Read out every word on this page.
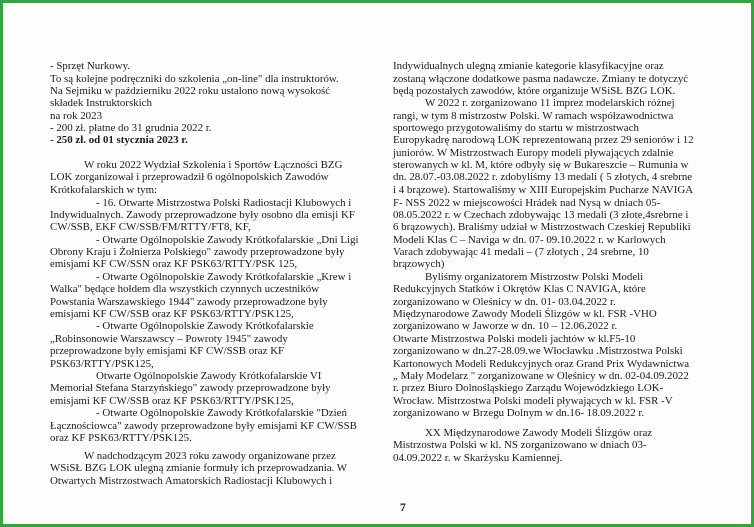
- Sprzęt Nurkowy.
To są kolejne podręczniki do szkolenia „on-line" dla instruktorów.
Na Sejmiku w październiku 2022 roku ustalono nową wysokość
składek Instruktorskich
na rok 2023
- 200 zł. płatne do 31 grudnia 2022 r.
- 250 zł. od 01 stycznia 2023 r.
W roku 2022 Wydział Szkolenia i Sportów Łączności BZG
LOK zorganizował i przeprowadził 6 ogólnopolskich Zawodów
Krótkofalarskich w tym:
- 16. Otwarte Mistrzostwa Polski Radiostacji Klubowych i
Indywidualnych. Zawody przeprowadzone były osobno dla emisji KF
CW/SSB, EKF CW/SSB/FM/RTTY/FT8, KF,
- Otwarte Ogólnopolskie Zawody Krótkofalarskie „Dni Ligi
Obrony Kraju i Żołnierza Polskiego" zawody przeprowadzone były
emisjami KF CW/SSN oraz KF PSK63/RTTY/PSK 125,
- Otwarte Ogólnopolskie Zawody Krótkofalarskie „Krew i
Walka" będące hołdem dla wszystkich czynnych uczestników
Powstania Warszawskiego 1944" zawody przeprowadzone były
emisjami KF CW/SSB oraz KF PSK63/RTTY/PSK125,
- Otwarte Ogólnopolskie Zawody Krótkofalarskie
„Robinsonowie Warszawscy – Powroty 1945" zawody
przeprowadzone były emisjami KF CW/SSB oraz KF
PSK63/RTTY/PSK125,
Otwarte Ogólnopolskie Zawody Krótkofalarskie VI
Memoriał Stefana Starzyńskiego" zawody przeprowadzone były
emisjami KF CW/SSB oraz KF PSK63/RTTY/PSK125,
- Otwarte Ogólnopolskie Zawody Krótkofalarskie "Dzień
Łącznościowca" zawody przeprowadzone były emisjami KF CW/SSB
oraz KF PSK63/RTTY/PSK125.
W nadchodzącym 2023 roku zawody organizowane przez
WSiSŁ BZG LOK ulegną zmianie formuły ich przeprowadzania. W
Otwartych Mistrzostwach Amatorskich Radiostacji Klubowych i
Indywidualnych ulegną zmianie kategorie klasyfikacyjne oraz
zostaną włączone dodatkowe pasma nadawcze. Zmiany te dotyczyć
będą pozostałych zawodów, które organizuje WSiSŁ BZG LOK.
W 2022 r. zorganizowano 11 imprez modelarskich różnej
rangi, w tym 8 mistrzostw Polski. W ramach współzawodnictwa
sportowego przygotowaliśmy do startu w mistrzostwach
Europykadrę narodową LOK reprezentowaną przez 29 seniorów i 12
juniorów. W Mistrzostwach Europy modeli pływających zdalnie
sterowanych w kl. M, które odbyły się w Bukareszcie – Rumunia w
dn. 28.07.-03.08.2022 r. zdobyliśmy 13 medali ( 5 złotych, 4 srebrne
i 4 brązowe). Startowaliśmy w XIII Europejskim Pucharze NAVIGA
F- NSS 2022 w miejscowości Hrádek nad Nysą w dniach 05-
08.05.2022 r. w Czechach zdobywając 13 medali (3 złote,4srebrne i
6 brązowych). Braliśmy udział w Mistrzostwach Czeskiej Republiki
Modeli Klas C – Naviga w dn. 07- 09.10.2022 r. w Karlowych
Varach zdobywając 41 medali – (7 złotych , 24 srebrne, 10
brązowych)
Byliśmy organizatorem Mistrzostw Polski Modeli
Redukcyjnych Statków i Okrętów Klas C NAVIGA, które
zorganizowano w Oleśnicy w dn. 01- 03.04.2022 r.
Międzynarodowe Zawody Modeli Ślizgów w kl. FSR -VHO
zorganizowano w Jaworze w dn. 10 – 12.06.2022 r.
Otwarte Mistrzostwa Polski modeli jachtów w kl.F5-10
zorganizowano w dn.27-28.09.we Włocławku .Mistrzostwa Polski
Kartonowych Modeli Redukcyjnych oraz Grand Prix Wydawnictwa
„ Mały Modelarz " zorganizowane w Oleśnicy w dn. 02-04.09.2022
r. przez Biuro Dolnośląskiego Zarządu Wojewódzkiego LOK-
Wrocław. Mistrzostwa Polski modeli pływających w kl. FSR -V
zorganizowano w Brzegu Dolnym w dn.16- 18.09.2022 r.
XX Międzynarodowe Zawody Modeli Ślizgów oraz
Mistrzostwa Polski w kl. NS zorganizowano w dniach 03-
04.09.2022 r. w Skarżysku Kamiennej.
7
